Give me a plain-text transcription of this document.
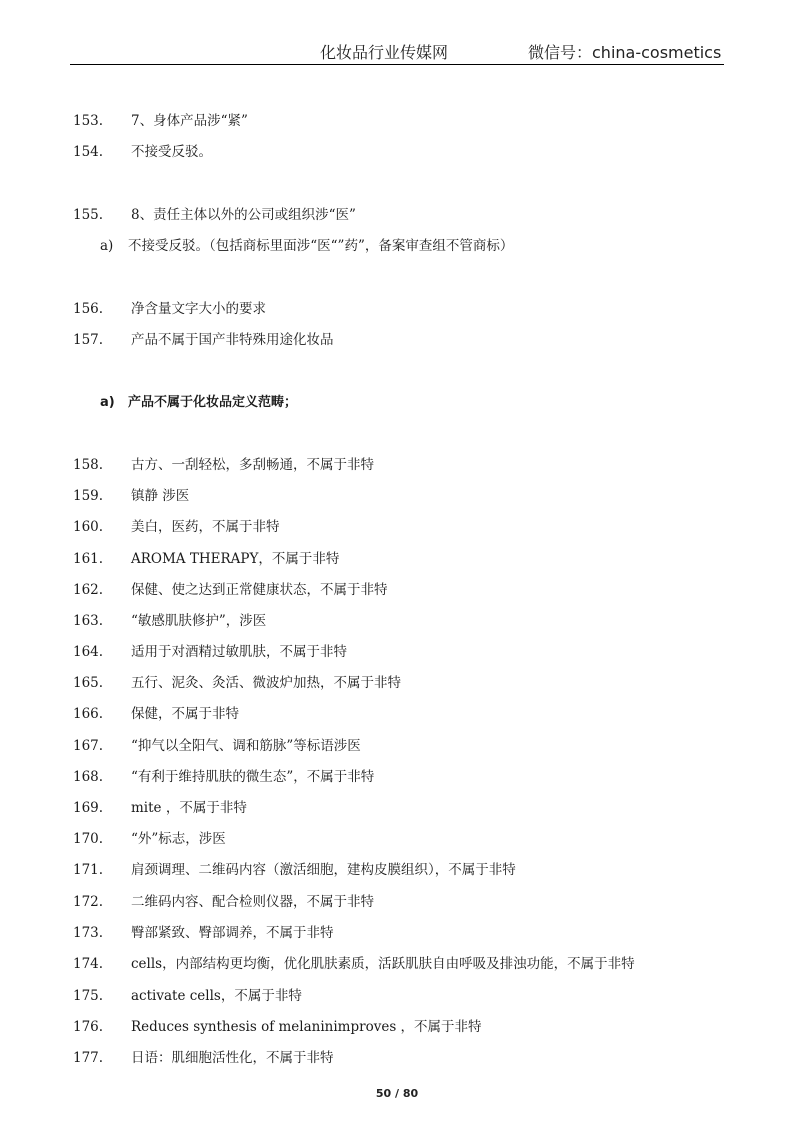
化妆品行业传媒网	微信号：china-cosmetics
153. 7、身体产品涉“紧”
154. 不接受反驳。
155. 8、责任主体以外的公司或组织涉“医”
a) 不接受反驳。（包括商标里面涉“医“”药”，备案审查组不管商标）
156. 净含量文字大小的要求
157. 产品不属于国产非特殊用途化妆品
a) 产品不属于化妆品定义范畴；
158. 古方、一刮轻松，多刮畅通，不属于非特
159. 镇静 涉医
160. 美白，医药，不属于非特
161. AROMA THERAPY，不属于非特
162. 保健、使之达到正常健康状态，不属于非特
163. “敏感肌肤修护”，涉医
164. 适用于对酒精过敏肌肤，不属于非特
165. 五行、泥灸、灸活、微波炉加热，不属于非特
166. 保健，不属于非特
167. “抑气以全阳气、调和筋脉”等标语涉医
168. “有利于维持肌肤的微生态”，不属于非特
169. mite ，不属于非特
170. “外”标志，涉医
171. 肩颈调理、二维码内容（激活细胞，建构皮膜组织），不属于非特
172. 二维码内容、配合检则仪器，不属于非特
173. 臀部紧致、臀部调养，不属于非特
174. cells，内部结构更均衡，优化肌肤素质，活跃肌肤自由呼吸及排浊功能，不属于非特
175. activate cells，不属于非特
176. Reduces synthesis of melaninimproves ，不属于非特
177. 日语：肌细胞活性化，不属于非特
50 / 80
